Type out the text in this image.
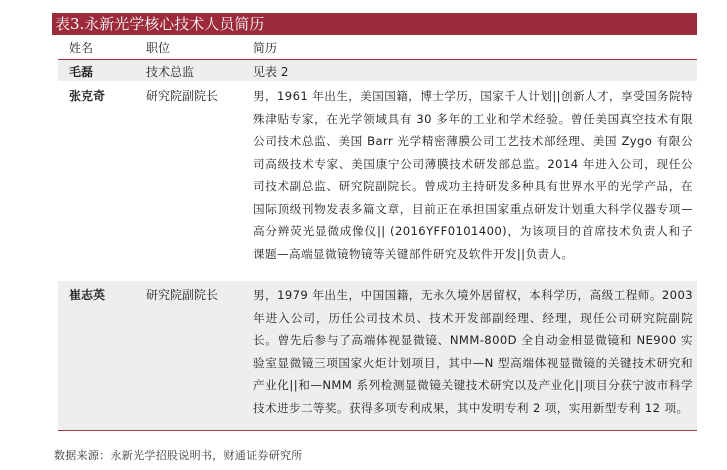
表3.永新光学核心技术人员简历
姓名	职位	简历
毛磊	技术总监	见表 2
张克奇	研究院副院长	男，1961 年出生，美国国籍，博士学历，国家千人计划||创新人才，享受国务院特殊津贴专家，在光学领域具有 30 多年的工业和学术经验。曾任美国真空技术有限公司技术总监、美国 Barr 光学精密薄膜公司工艺技术部经理、美国 Zygo 有限公司高级技术专家、美国康宁公司薄膜技术研发部总监。2014 年进入公司，现任公司技术副总监、研究院副院长。曾成功主持研发多种具有世界水平的光学产品，在国际顶级刊物发表多篇文章，目前正在承担国家重点研发计划重大科学仪器专项—高分辨荧光显微成像仪|| (2016YFF0101400)，为该项目的首席技术负责人和子课题—高端显微镜物镜等关键部件研究及软件开发||负责人。
崔志英	研究院副院长	男，1979 年出生，中国国籍，无永久境外居留权，本科学历，高级工程师。2003 年进入公司，历任公司技术员、技术开发部副经理、经理，现任公司研究院副院长。曾先后参与了高端体视显微镜、NMM-800D 全自动金相显微镜和 NE900 实验室显微镜三项国家火炬计划项目，其中—N 型高端体视显微镜的关键技术研究和产业化||和—NMM 系列检测显微镜关键技术研究以及产业化||项目分获宁波市科学技术进步二等奖。获得多项专利成果，其中发明专利 2 项，实用新型专利 12 项。
数据来源：永新光学招股说明书，财通证券研究所
